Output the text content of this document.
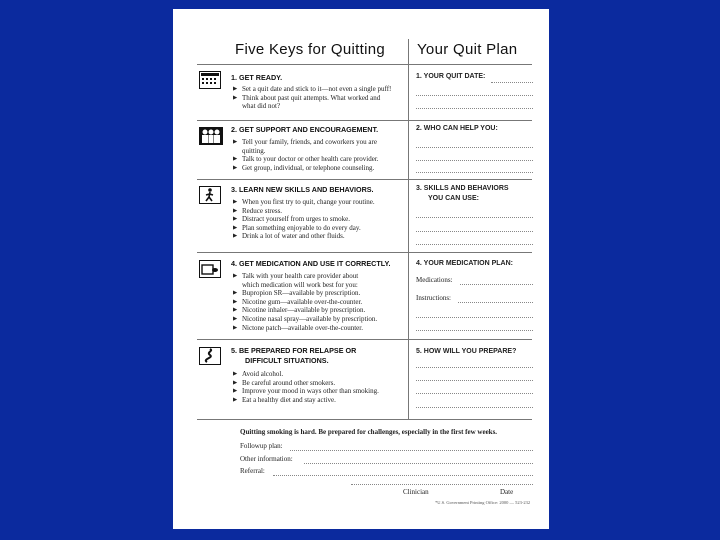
Five Keys for Quitting Your Quit Plan
1. GET READY.
▶ Set a quit date and stick to it—not even a single puff!
▶ Think about past quit attempts. What worked and
what did not?
1. YOUR QUIT DATE:
2. GET SUPPORT AND ENCOURAGEMENT.
▶ Tell your family, friends, and coworkers you are
quitting.
▶ Talk to your doctor or other health care provider.
▶ Get group, individual, or telephone counseling.
2. WHO CAN HELP YOU:
3. LEARN NEW SKILLS AND BEHAVIORS.
▶ When you first try to quit, change your routine.
▶ Reduce stress.
▶ Distract yourself from urges to smoke.
▶ Plan something enjoyable to do every day.
▶ Drink a lot of water and other fluids.
3. SKILLS AND BEHAVIORS
YOU CAN USE:
4. GET MEDICATION AND USE IT CORRECTLY.
▶ Talk with your health care provider about
which medication will work best for you:
▶ Bupropion SR—available by prescription.
▶ Nicotine gum—available over-the-counter.
▶ Nicotine inhaler—available by prescription.
▶ Nicotine nasal spray—available by prescription.
▶ Nictone patch—available over-the-counter.
4. YOUR MEDICATION PLAN:
Medications:
Instructions:
5. BE PREPARED FOR RELAPSE OR
DIFFICULT SITUATIONS.
▶ Avoid alcohol.
▶ Be careful around other smokers.
▶ Improve your mood in ways other than smoking.
▶ Eat a healthy diet and stay active.
5. HOW WILL YOU PREPARE?
Quitting smoking is hard. Be prepared for challenges, especially in the first few weeks.
Followup plan:
Other information:
Referral:
Clinician	Date
*U.S. Government Printing Office: 2000 — 523-232
